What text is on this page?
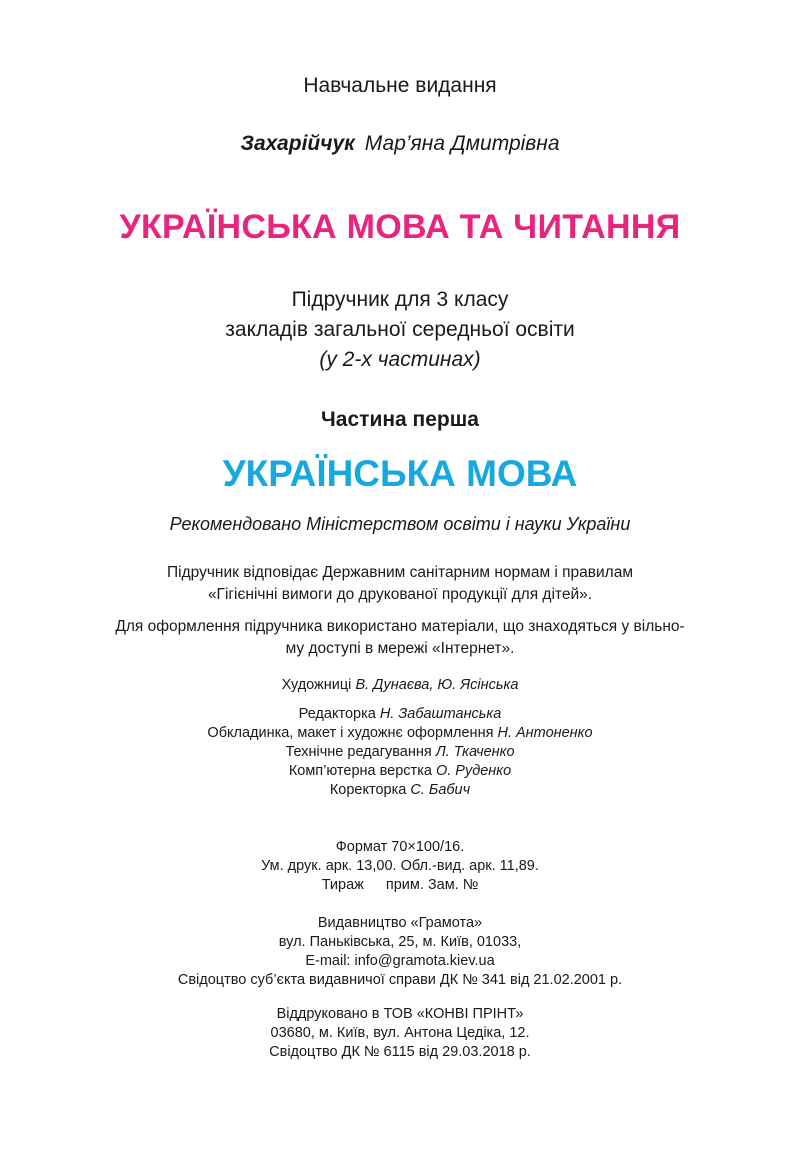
Навчальне видання
Захарійчук Мар’яна Дмитрівна
УКРАЇНСЬКА МОВА ТА ЧИТАННЯ
Підручник для 3 класу
закладів загальної середньої освіти
(у 2-х частинах)
Частина перша
УКРАЇНСЬКА МОВА
Рекомендовано Міністерством освіти і науки України
Підручник відповідає Державним санітарним нормам і правилам
«Гігієнічні вимоги до друкованої продукції для дітей».
Для оформлення підручника використано матеріали, що знаходяться у вільно-
му доступі в мережі «Інтернет».
Художниці В. Дунаєва, Ю. Ясінська
Редакторка Н. Забаштанська
Обкладинка, макет і художнє оформлення Н. Антоненко
Технічне редагування Л. Ткаченко
Комп’ютерна верстка О. Руденко
Коректорка С. Бабич
Формат 70×100/16.
Ум. друк. арк. 13,00. Обл.-вид. арк. 11,89.
Тираж прим. Зам. №
Видавництво «Грамота»
вул. Паньківська, 25, м. Київ, 01033,
E-mail: info@gramota.kiev.ua
Свідоцтво суб’єкта видавничої справи ДК № 341 від 21.02.2001 р.
Віддруковано в ТОВ «КОНВІ ПРІНТ»
03680, м. Київ, вул. Антона Цедіка, 12.
Свідоцтво ДК № 6115 від 29.03.2018 р.
